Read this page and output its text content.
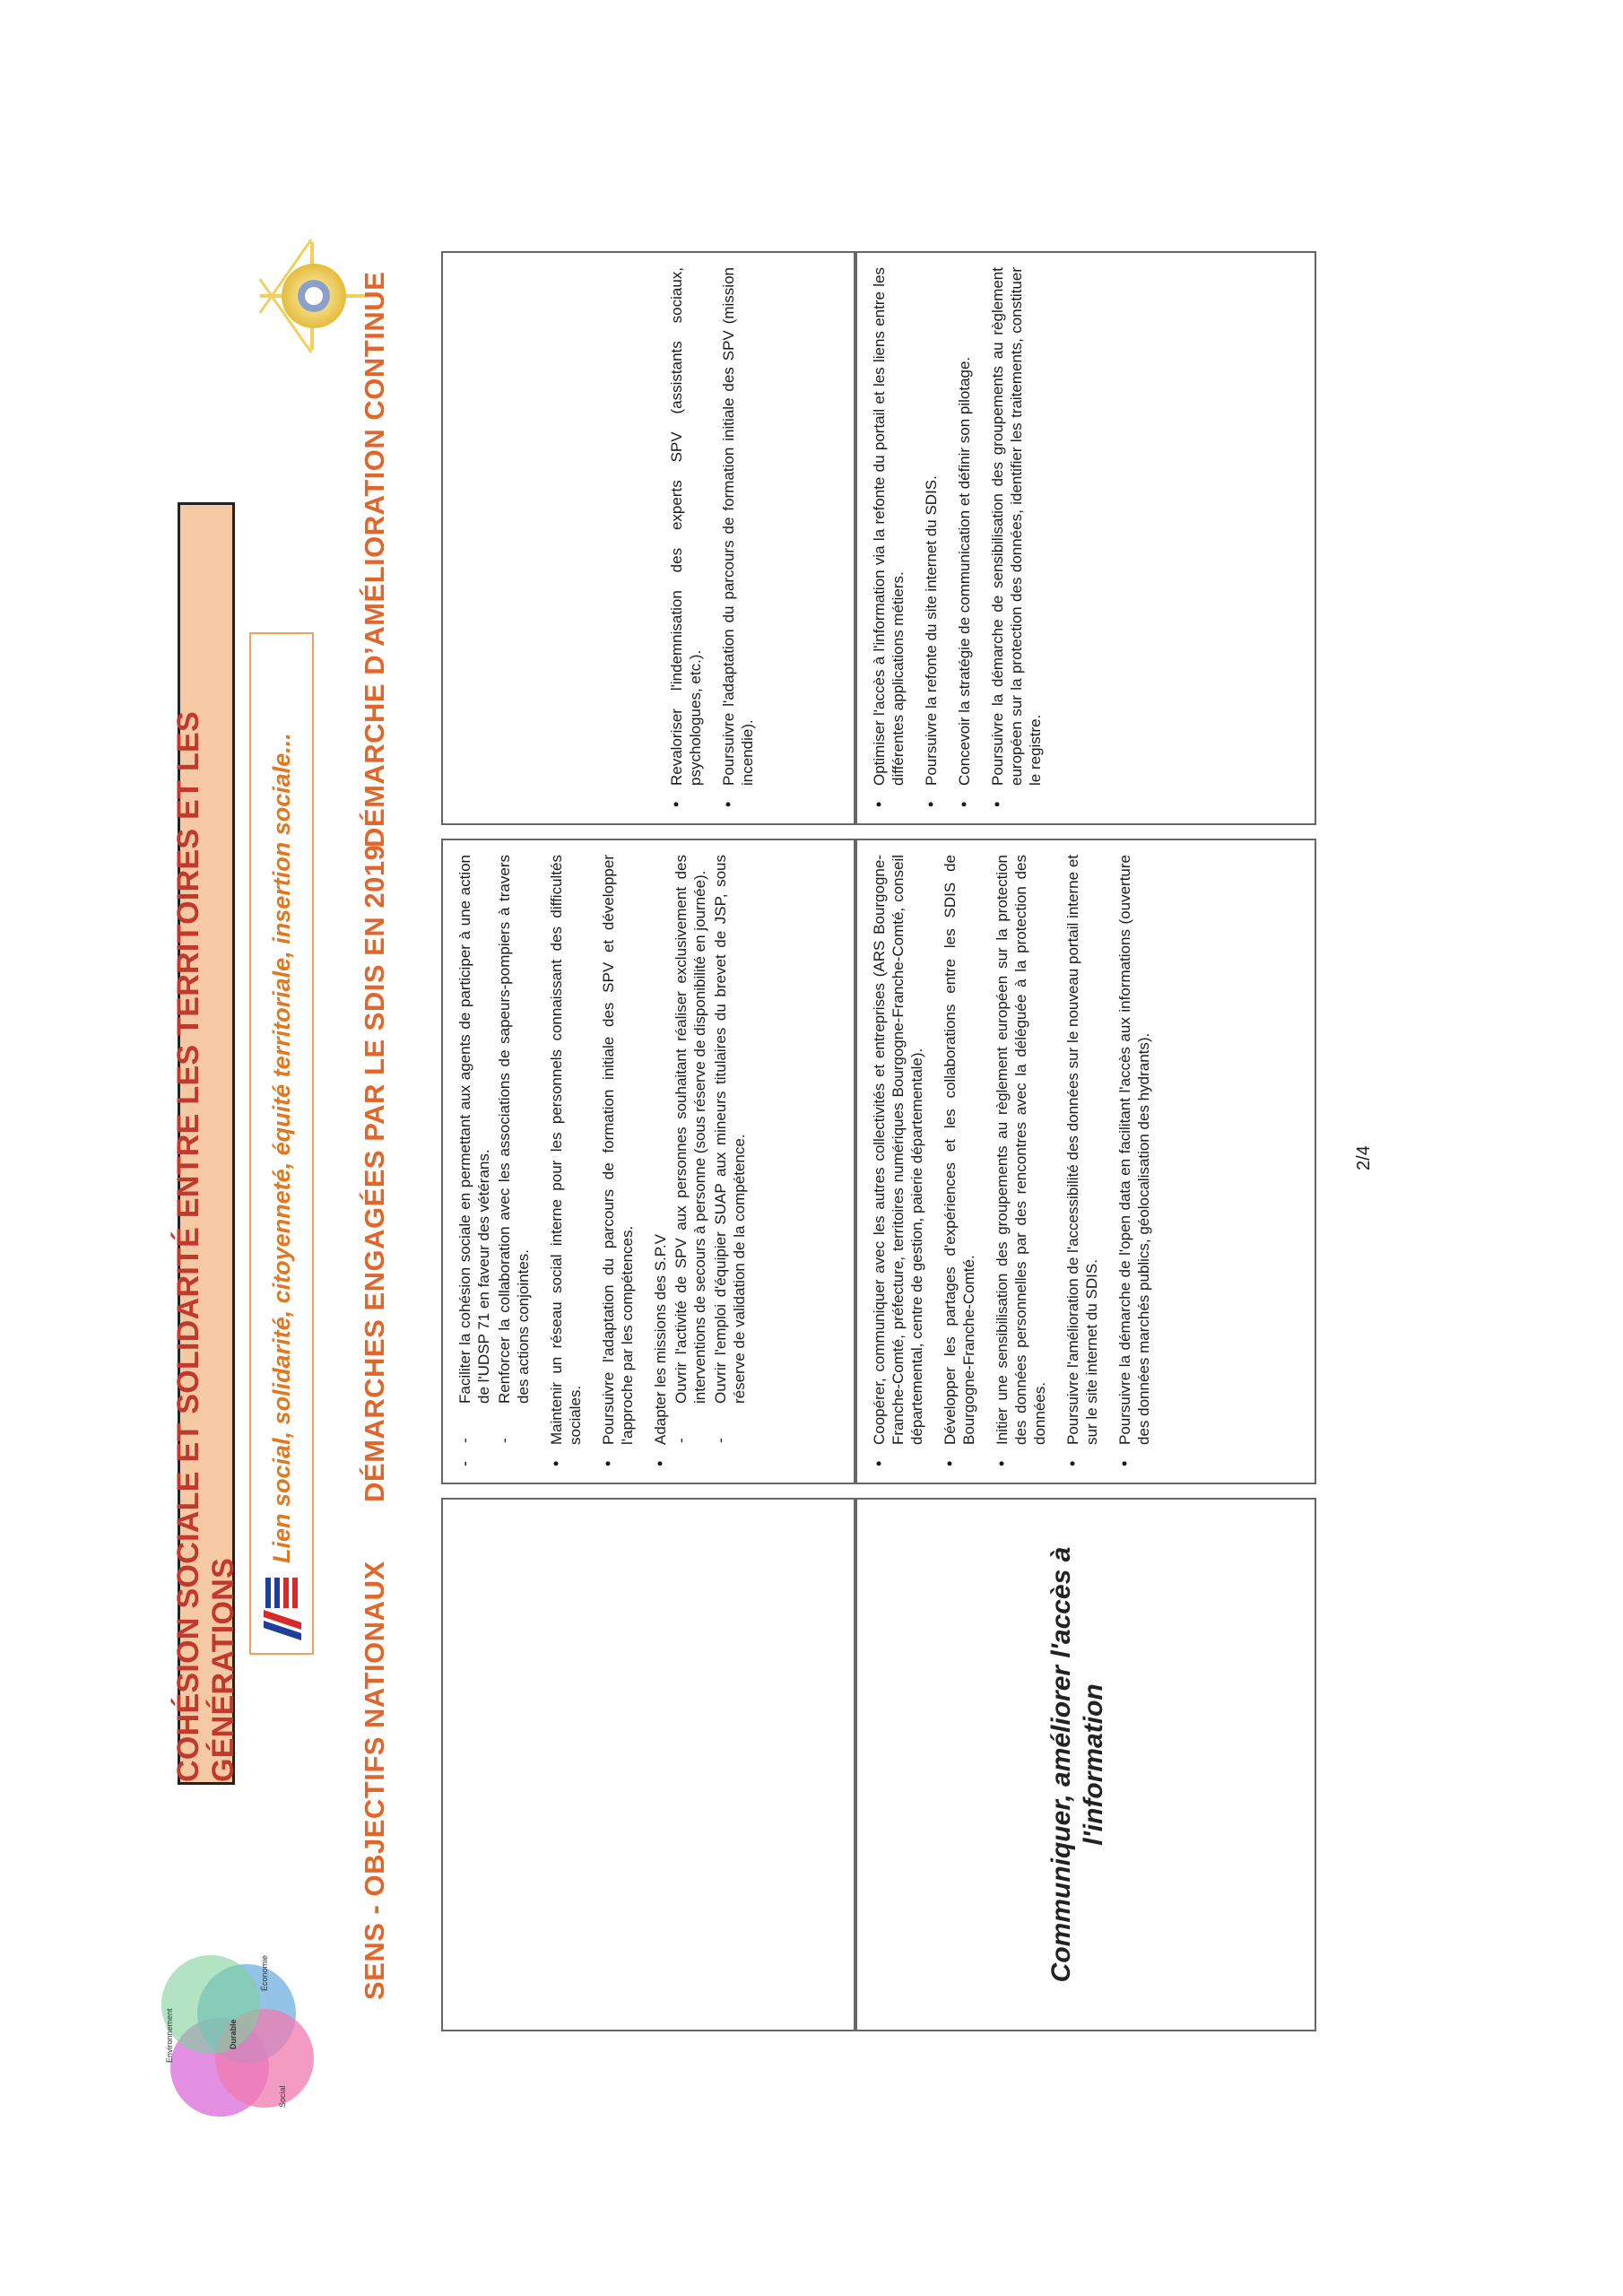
Environnement
Social
Économie
Durable
COHÉSION SOCIALE ET SOLIDARITÉ ENTRE LES TERRITOIRES ET LES GÉNÉRATIONS
Lien social, solidarité, citoyenneté, équité territoriale, insertion sociale...
SENS - OBJECTIFS NATIONAUX
DÉMARCHES ENGAGÉES PAR LE SDIS EN 2019
DÉMARCHE D’AMÉLIORATION CONTINUE
- - Faciliter la cohésion sociale en permettant aux agents de participer à une action de l'UDSP 71 en faveur des vétérans. - Renforcer la collaboration avec les associations de sapeurs-pompiers à travers des actions conjointes. • Maintenir un réseau social interne pour les personnels connaissant des difficultés sociales. • Poursuivre l'adaptation du parcours de formation initiale des SPV et développer l'approche par les compétences. • Adapter les missions des S.P.V - Ouvrir l'activité de SPV aux personnes souhaitant réaliser exclusivement des interventions de secours à personne (sous réserve de disponibilité en journée). - Ouvrir l'emploi d'équipier SUAP aux mineurs titulaires du brevet de JSP, sous réserve de validation de la compétence.
• Revaloriser l'indemnisation des experts SPV (assistants sociaux, psychologues, etc.). • Poursuivre l'adaptation du parcours de formation initiale des SPV (mission incendie).
Communiquer, améliorer l'accès à l'information
• Coopérer, communiquer avec les autres collectivités et entreprises (ARS Bourgogne-Franche-Comté, préfecture, territoires numériques Bourgogne-Franche-Comté, conseil départemental, centre de gestion, paierie départementale). • Développer les partages d'expériences et les collaborations entre les SDIS de Bourgogne-Franche-Comté. • Initier une sensibilisation des groupements au règlement européen sur la protection des données personnelles par des rencontres avec la déléguée à la protection des données. • Poursuivre l'amélioration de l'accessibilité des données sur le nouveau portail interne et sur le site internet du SDIS. • Poursuivre la démarche de l'open data en facilitant l'accès aux informations (ouverture des données marchés publics, géolocalisation des hydrants).
• Optimiser l'accès à l'information via la refonte du portail et les liens entre les différentes applications métiers. • Poursuivre la refonte du site internet du SDIS. • Concevoir la stratégie de communication et définir son pilotage. • Poursuivre la démarche de sensibilisation des groupements au règlement européen sur la protection des données, identifier les traitements, constituer le registre.
2/4
